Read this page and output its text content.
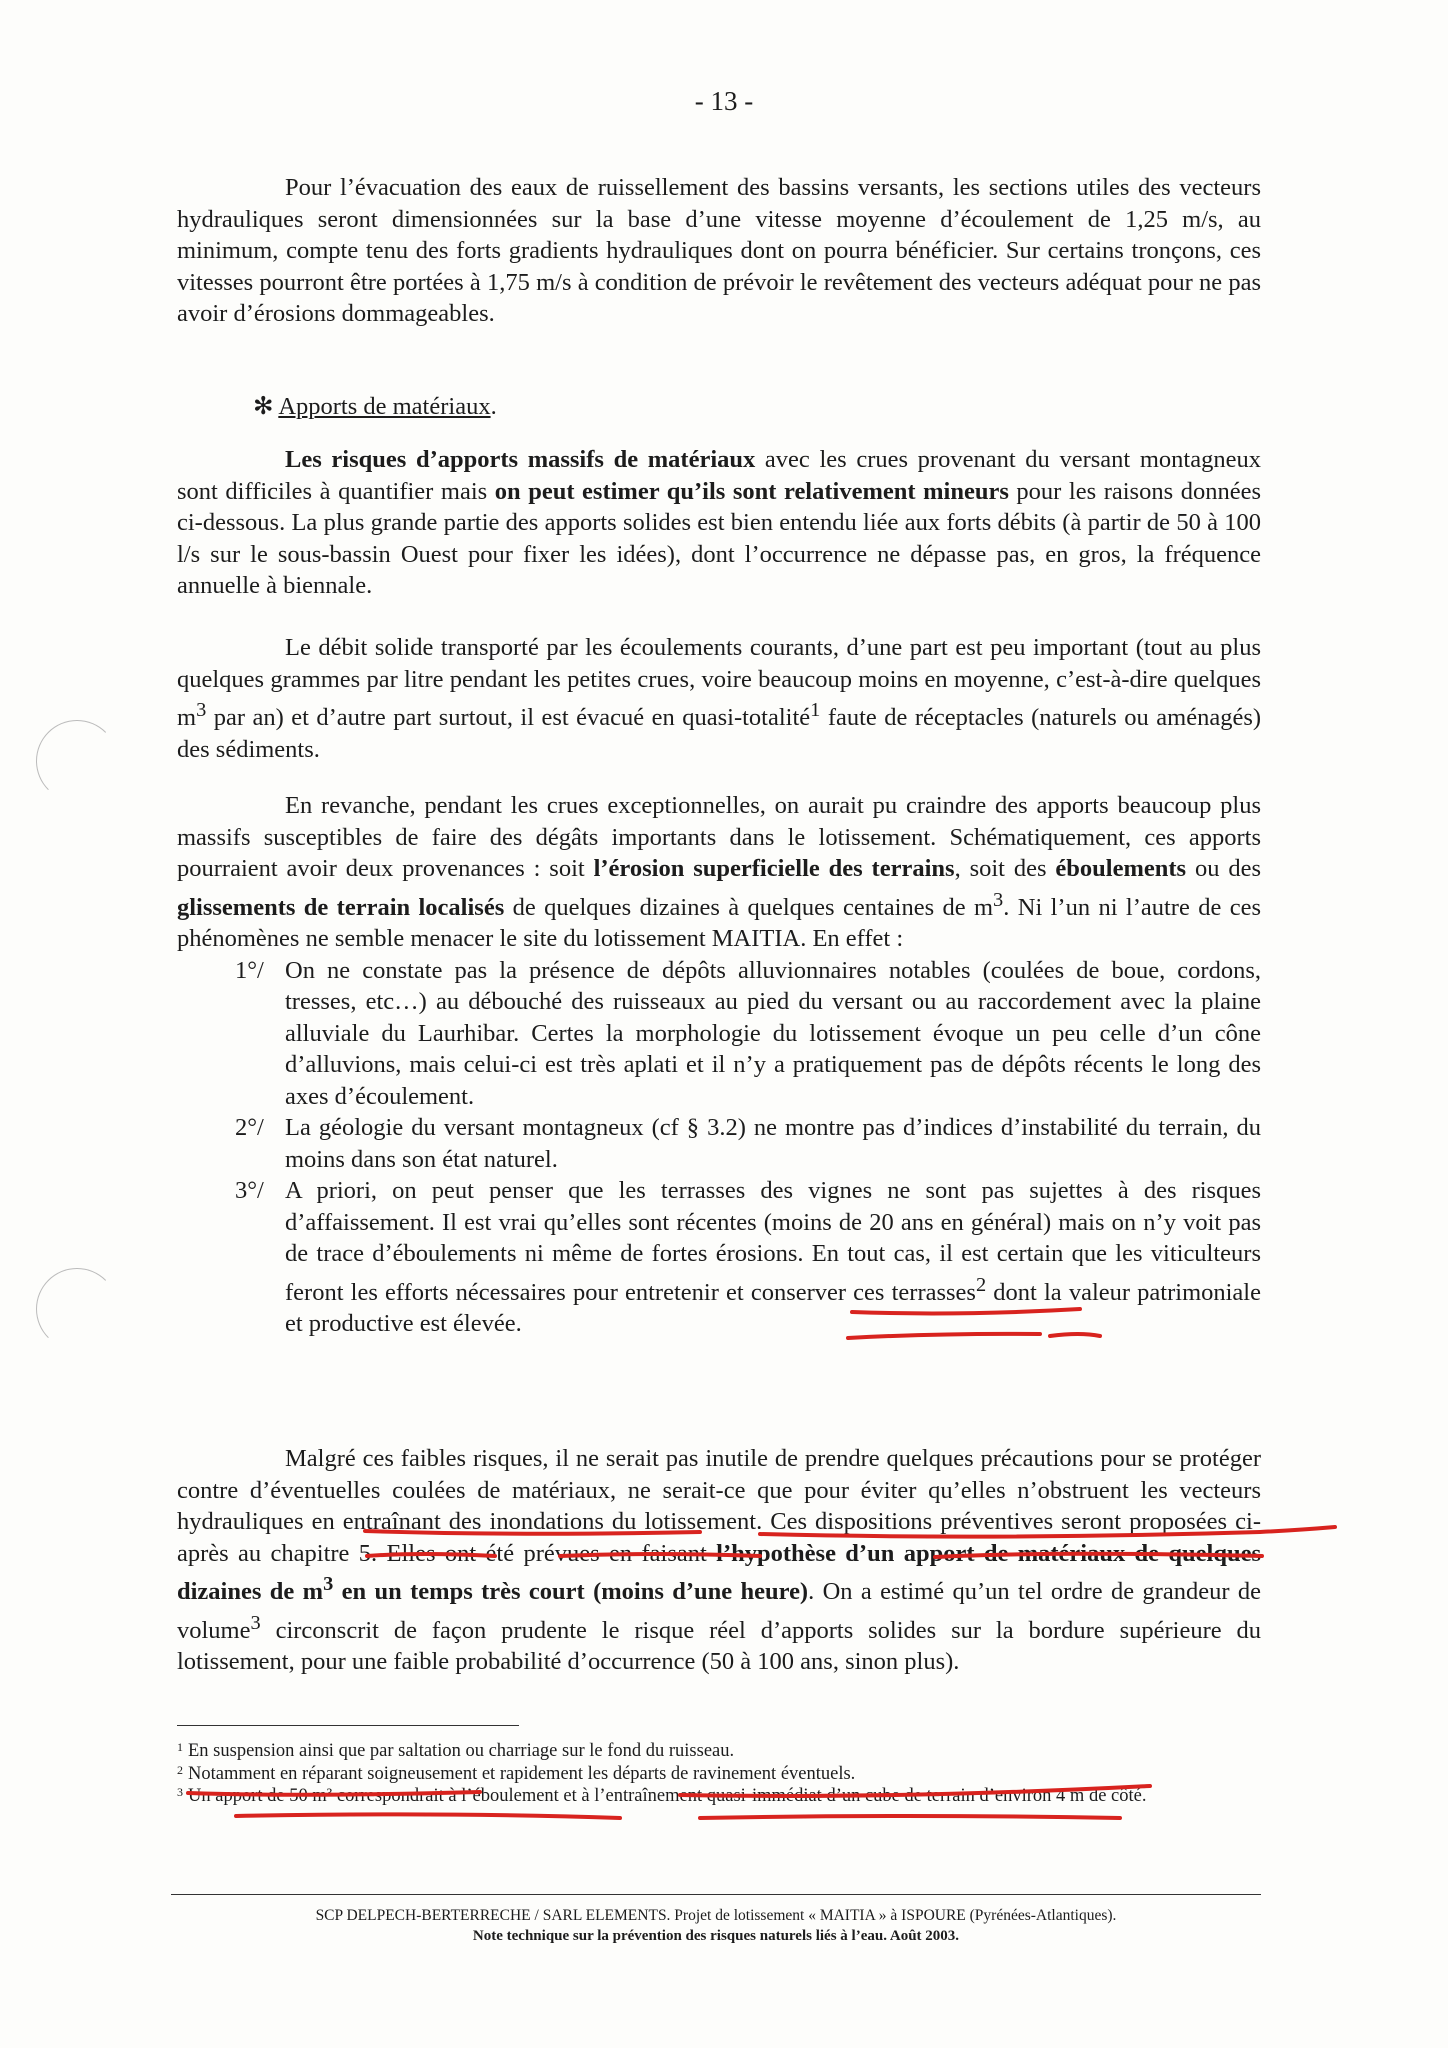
- 13 -

Pour l’évacuation des eaux de ruissellement des bassins versants, les sections utiles des vecteurs hydrauliques seront dimensionnées sur la base d’une vitesse moyenne d’écoulement de 1,25 m/s, au minimum, compte tenu des forts gradients hydrauliques dont on pourra bénéficier. Sur certains tronçons, ces vitesses pourront être portées à 1,75 m/s à condition de prévoir le revêtement des vecteurs adéquat pour ne pas avoir d’érosions dommageables.

✻ Apports de matériaux.

Les risques d’apports massifs de matériaux avec les crues provenant du versant montagneux sont difficiles à quantifier mais on peut estimer qu’ils sont relativement mineurs pour les raisons données ci-dessous. La plus grande partie des apports solides est bien entendu liée aux forts débits (à partir de 50 à 100 l/s sur le sous-bassin Ouest pour fixer les idées), dont l’occurrence ne dépasse pas, en gros, la fréquence annuelle à biennale.

Le débit solide transporté par les écoulements courants, d’une part est peu important (tout au plus quelques grammes par litre pendant les petites crues, voire beaucoup moins en moyenne, c’est-à-dire quelques $m^3$ par an) et d’autre part surtout, il est évacué en quasi-totalité$^1$ faute de réceptacles (naturels ou aménagés) des sédiments.

En revanche, pendant les crues exceptionnelles, on aurait pu craindre des apports beaucoup plus massifs susceptibles de faire des dégâts importants dans le lotissement. Schématiquement, ces apports pourraient avoir deux provenances : soit l’érosion superficielle des terrains, soit des éboulements ou des glissements de terrain localisés de quelques dizaines à quelques centaines de $m^3$. Ni l’un ni l’autre de ces phénomènes ne semble menacer le site du lotissement MAITIA. En effet :

1°/ On ne constate pas la présence de dépôts alluvionnaires notables (coulées de boue, cordons, tresses, etc…) au débouché des ruisseaux au pied du versant ou au raccordement avec la plaine alluviale du Laurhibar. Certes la morphologie du lotissement évoque un peu celle d’un cône d’alluvions, mais celui-ci est très aplati et il n’y a pratiquement pas de dépôts récents le long des axes d’écoulement.
2°/ La géologie du versant montagneux (cf § 3.2) ne montre pas d’indices d’instabilité du terrain, du moins dans son état naturel.
3°/ A priori, on peut penser que les terrasses des vignes ne sont pas sujettes à des risques d’affaissement. Il est vrai qu’elles sont récentes (moins de 20 ans en général) mais on n’y voit pas de trace d’éboulements ni même de fortes érosions. En tout cas, il est certain que les viticulteurs feront les efforts nécessaires pour entretenir et conserver ces terrasses$^2$ dont la valeur patrimoniale et productive est élevée.

Malgré ces faibles risques, il ne serait pas inutile de prendre quelques précautions pour se protéger contre d’éventuelles coulées de matériaux, ne serait-ce que pour éviter qu’elles n’obstruent les vecteurs hydrauliques en entraînant des inondations du lotissement. Ces dispositions préventives seront proposées ci-après au chapitre 5. Elles ont été prévues en faisant l’hypothèse d’un apport de matériaux de quelques dizaines de $m^3$ en un temps très court (moins d’une heure). On a estimé qu’un tel ordre de grandeur de volume$^3$ circonscrit de façon prudente le risque réel d’apports solides sur la bordure supérieure du lotissement, pour une faible probabilité d’occurrence (50 à 100 ans, sinon plus).

1 En suspension ainsi que par saltation ou charriage sur le fond du ruisseau.
2 Notamment en réparant soigneusement et rapidement les départs de ravinement éventuels.
3 Un apport de 50 m³ correspondrait à l’éboulement et à l’entraînement quasi-immédiat d’un cube de terrain d’environ 4 m de côté.
SCP DELPECH-BERTERRECHE / SARL ELEMENTS. Projet de lotissement « MAITIA » à ISPOURE (Pyrénées-Atlantiques).
Note technique sur la prévention des risques naturels liés à l’eau. Août 2003.
